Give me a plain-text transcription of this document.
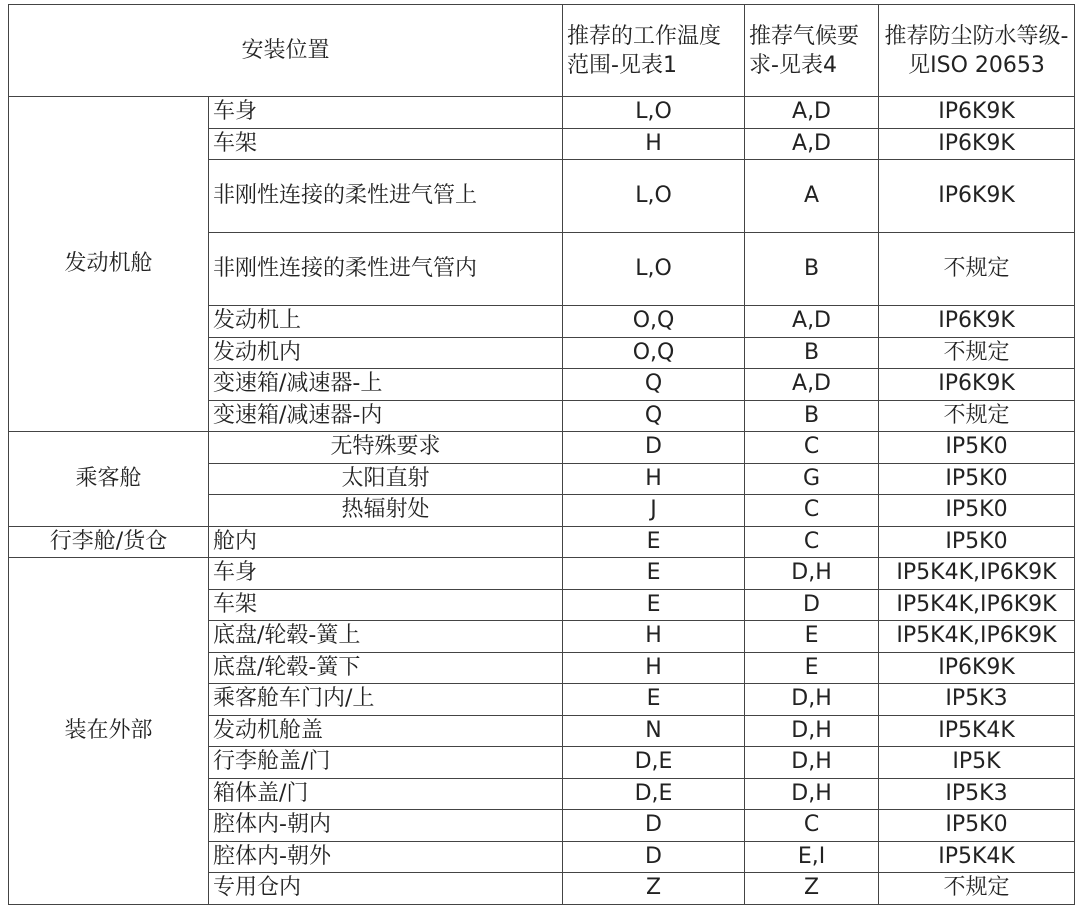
安装位置		推荐的工作温度范围-见表1	推荐气候要求-见表4	推荐防尘防水等级-见ISO 20653
发动机舱	车身	L,O	A,D	IP6K9K
	车架	H	A,D	IP6K9K
	非刚性连接的柔性进气管上	L,O	A	IP6K9K
	非刚性连接的柔性进气管内	L,O	B	不规定
	发动机上	O,Q	A,D	IP6K9K
	发动机内	O,Q	B	不规定
	变速箱/减速器-上	Q	A,D	IP6K9K
	变速箱/减速器-内	Q	B	不规定
乘客舱	无特殊要求	D	C	IP5K0
	太阳直射	H	G	IP5K0
	热辐射处	J	C	IP5K0
行李舱/货仓	舱内	E	C	IP5K0
装在外部	车身	E	D,H	IP5K4K,IP6K9K
	车架	E	D	IP5K4K,IP6K9K
	底盘/轮毂-簧上	H	E	IP5K4K,IP6K9K
	底盘/轮毂-簧下	H	E	IP6K9K
	乘客舱车门内/上	E	D,H	IP5K3
	发动机舱盖	N	D,H	IP5K4K
	行李舱盖/门	D,E	D,H	IP5K
	箱体盖/门	D,E	D,H	IP5K3
	腔体内-朝内	D	C	IP5K0
	腔体内-朝外	D	E,I	IP5K4K
	专用仓内	Z	Z	不规定
